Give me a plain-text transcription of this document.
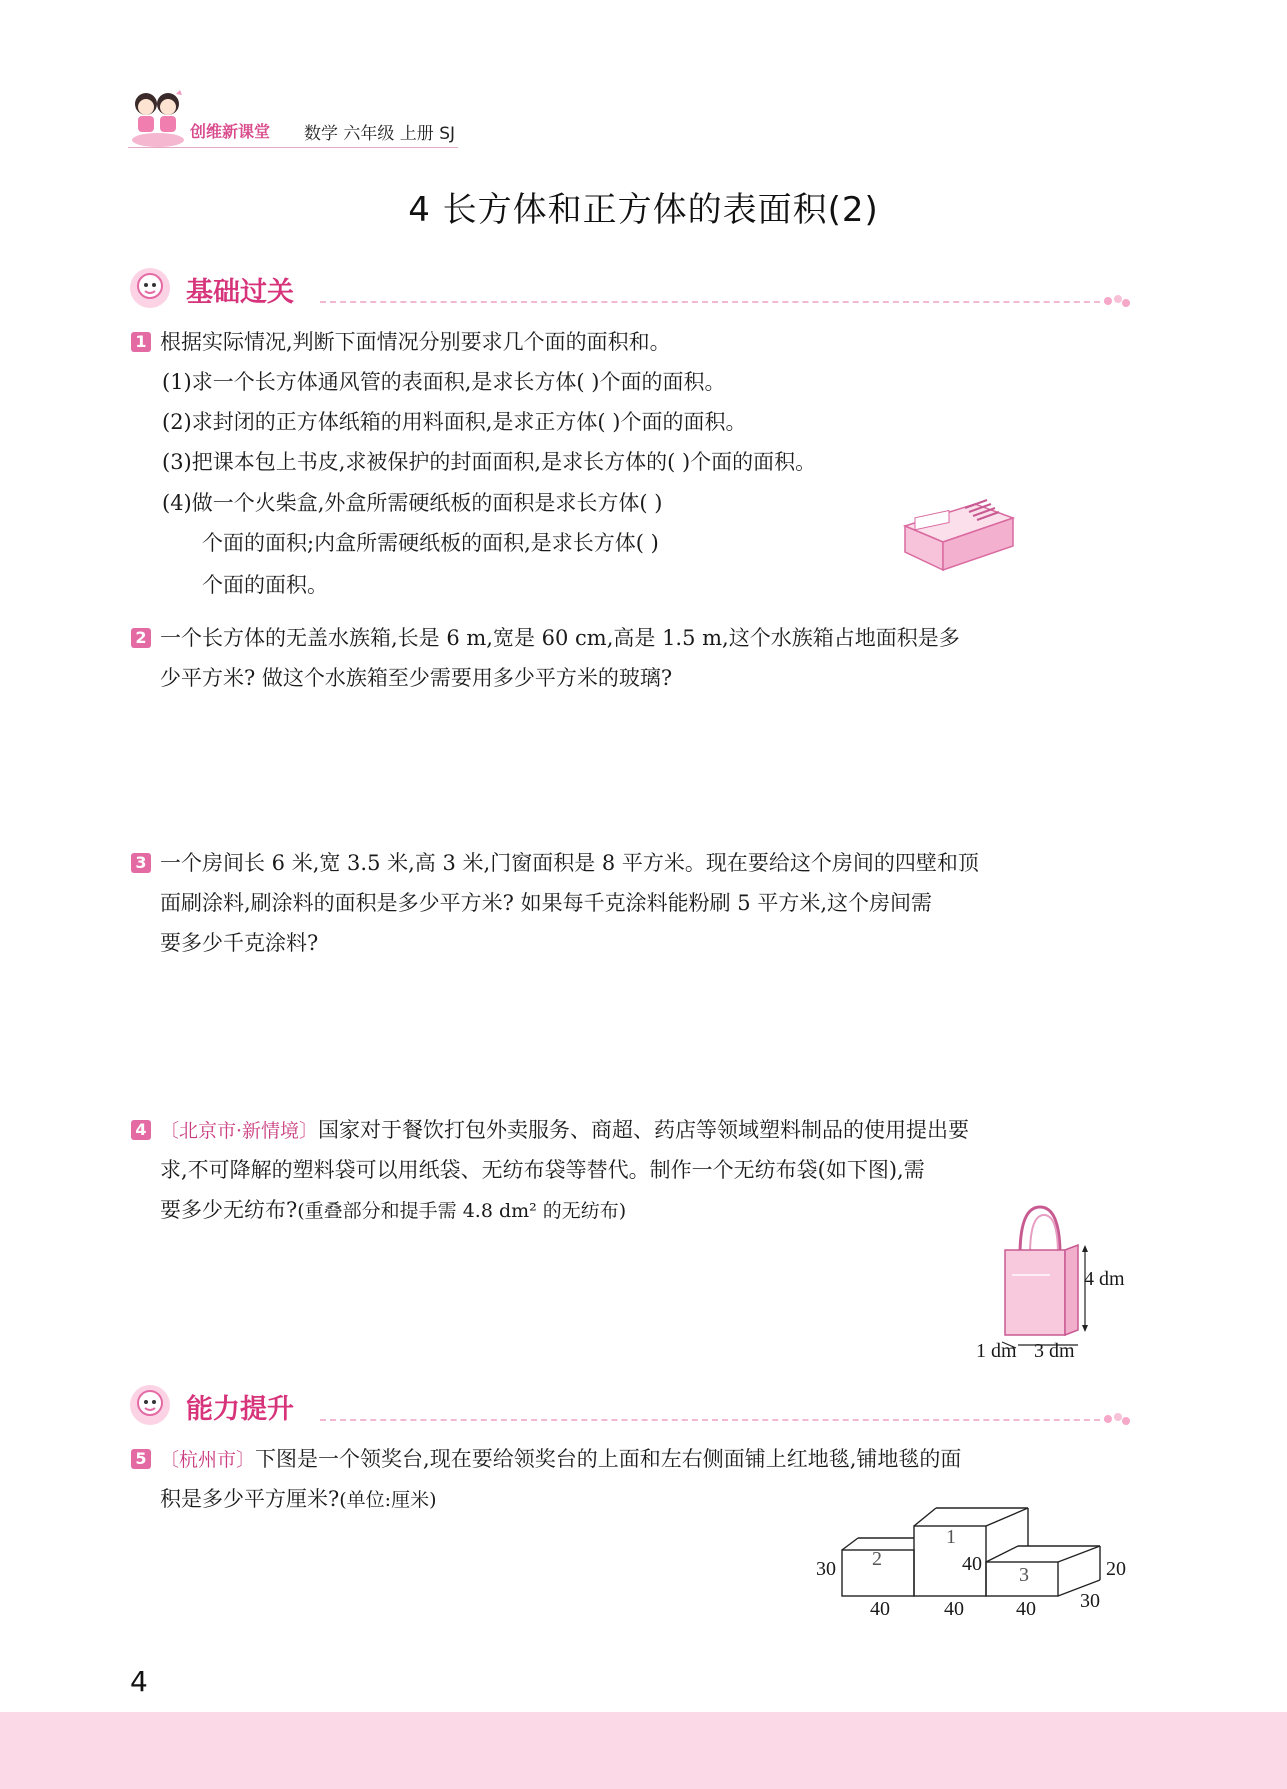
创维新课堂 数学 六年级 上册 SJ
4 长方体和正方体的表面积(2)
基础过关
1 根据实际情况,判断下面情况分别要求几个面的面积和。
(1)求一个长方体通风管的表面积,是求长方体( )个面的面积。
(2)求封闭的正方体纸箱的用料面积,是求正方体( )个面的面积。
(3)把课本包上书皮,求被保护的封面面积,是求长方体的( )个面的面积。
(4)做一个火柴盒,外盒所需硬纸板的面积是求长方体( )
个面的面积;内盒所需硬纸板的面积,是求长方体( )
个面的面积。
2 一个长方体的无盖水族箱,长是 6 m,宽是 60 cm,高是 1.5 m,这个水族箱占地面积是多
少平方米? 做这个水族箱至少需要用多少平方米的玻璃?
3 一个房间长 6 米,宽 3.5 米,高 3 米,门窗面积是 8 平方米。现在要给这个房间的四壁和顶
面刷涂料,刷涂料的面积是多少平方米? 如果每千克涂料能粉刷 5 平方米,这个房间需
要多少千克涂料?
4 〔北京市·新情境〕国家对于餐饮打包外卖服务、商超、药店等领域塑料制品的使用提出要
求,不可降解的塑料袋可以用纸袋、无纺布袋等替代。制作一个无纺布袋(如下图),需
要多少无纺布?(重叠部分和提手需 4.8 dm² 的无纺布)
4 dm
1 dm 3 dm
能力提升
5 〔杭州市〕下图是一个领奖台,现在要给领奖台的上面和左右侧面铺上红地毯,铺地毯的面
积是多少平方厘米?(单位:厘米)
1
2
3
30	40	20
40	40	40 30
4
